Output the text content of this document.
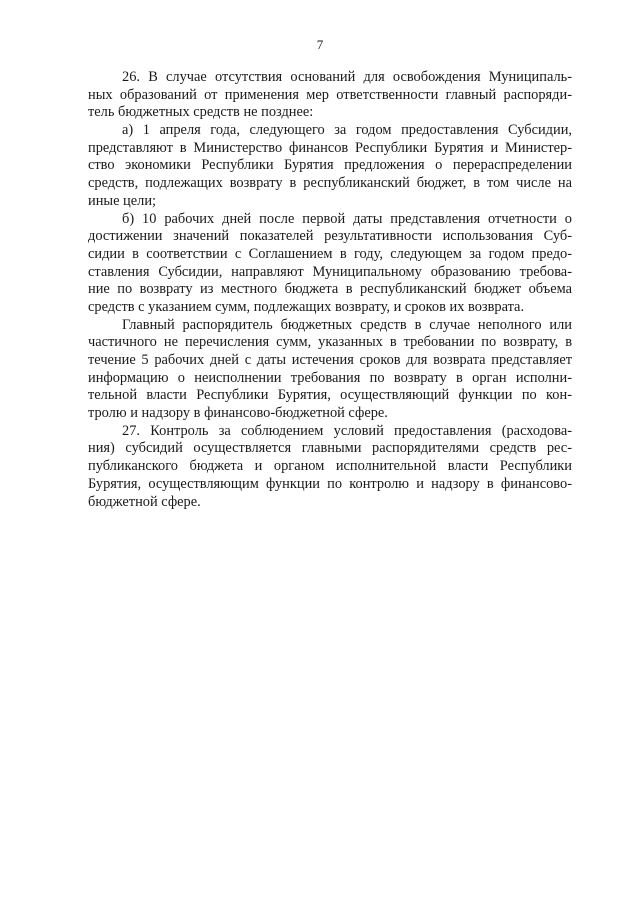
7
26. В случае отсутствия оснований для освобождения Муниципаль-
ных образований от применения мер ответственности главный распоряди-
тель бюджетных средств не позднее:
а) 1 апреля года, следующего за годом предоставления Субсидии,
представляют в Министерство финансов Республики Бурятия и Министер-
ство экономики Республики Бурятия предложения о перераспределении
средств, подлежащих возврату в республиканский бюджет, в том числе на
иные цели;
б) 10 рабочих дней после первой даты представления отчетности о
достижении значений показателей результативности использования Суб-
сидии в соответствии с Соглашением в году, следующем за годом предо-
ставления Субсидии, направляют Муниципальному образованию требова-
ние по возврату из местного бюджета в республиканский бюджет объема
средств с указанием сумм, подлежащих возврату, и сроков их возврата.
Главный распорядитель бюджетных средств в случае неполного или
частичного не перечисления сумм, указанных в требовании по возврату, в
течение 5 рабочих дней с даты истечения сроков для возврата представляет
информацию о неисполнении требования по возврату в орган исполни-
тельной власти Республики Бурятия, осуществляющий функции по кон-
тролю и надзору в финансово-бюджетной сфере.
27. Контроль за соблюдением условий предоставления (расходова-
ния) субсидий осуществляется главными распорядителями средств рес-
публиканского бюджета и органом исполнительной власти Республики
Бурятия, осуществляющим функции по контролю и надзору в финансово-
бюджетной сфере.
